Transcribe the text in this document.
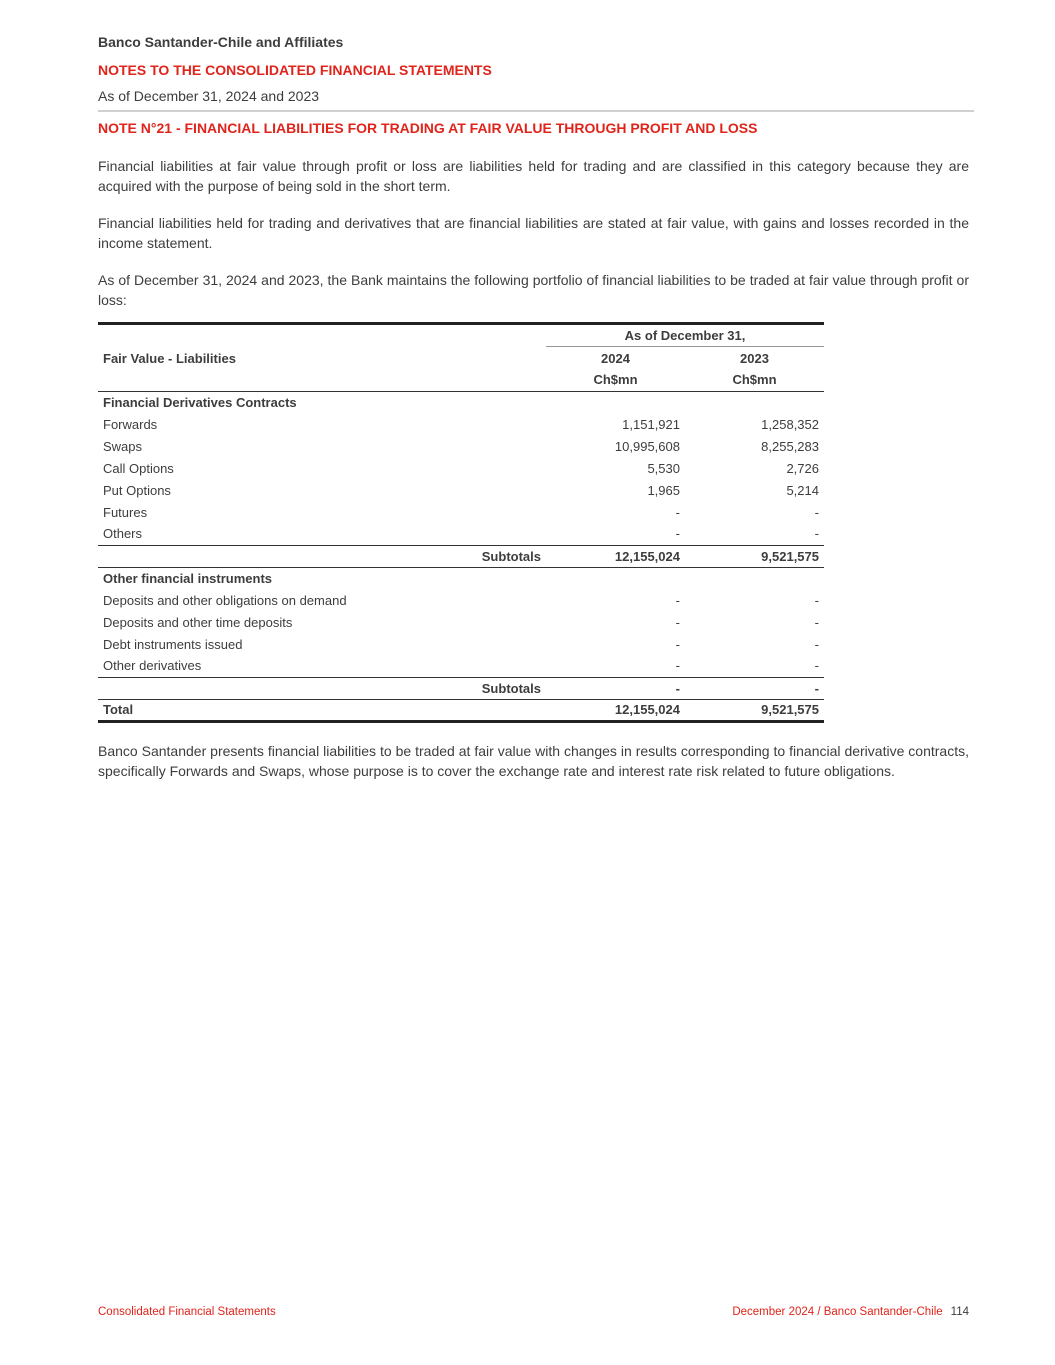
Banco Santander-Chile and Affiliates
NOTES TO THE CONSOLIDATED FINANCIAL STATEMENTS
As of December 31, 2024 and 2023
NOTE N°21 - FINANCIAL LIABILITIES FOR TRADING AT FAIR VALUE THROUGH PROFIT AND LOSS

Financial liabilities at fair value through profit or loss are liabilities held for trading and are classified in this category because they are acquired with the purpose of being sold in the short term.

Financial liabilities held for trading and derivatives that are financial liabilities are stated at fair value, with gains and losses recorded in the income statement.

As of December 31, 2024 and 2023, the Bank maintains the following portfolio of financial liabilities to be traded at fair value through profit or loss:

	As of December 31,	

Fair Value - Liabilities	2024	2023
	Ch$mn	Ch$mn
Financial Derivatives Contracts		
Forwards	1,151,921	1,258,352
Swaps	10,995,608	8,255,283
Call Options	5,530	2,726
Put Options	1,965	5,214
Futures	-	-
Others	-	-
Subtotals	12,155,024	9,521,575
Other financial instruments		
Deposits and other obligations on demand	-	-
Deposits and other time deposits	-	-
Debt instruments issued	-	-
Other derivatives	-	-
Subtotals	-	-
Total	12,155,024	9,521,575

Banco Santander presents financial liabilities to be traded at fair value with changes in results corresponding to financial derivative contracts, specifically Forwards and Swaps, whose purpose is to cover the exchange rate and interest rate risk related to future obligations.

Consolidated Financial Statements	December 2024 / Banco Santander-Chile 114
